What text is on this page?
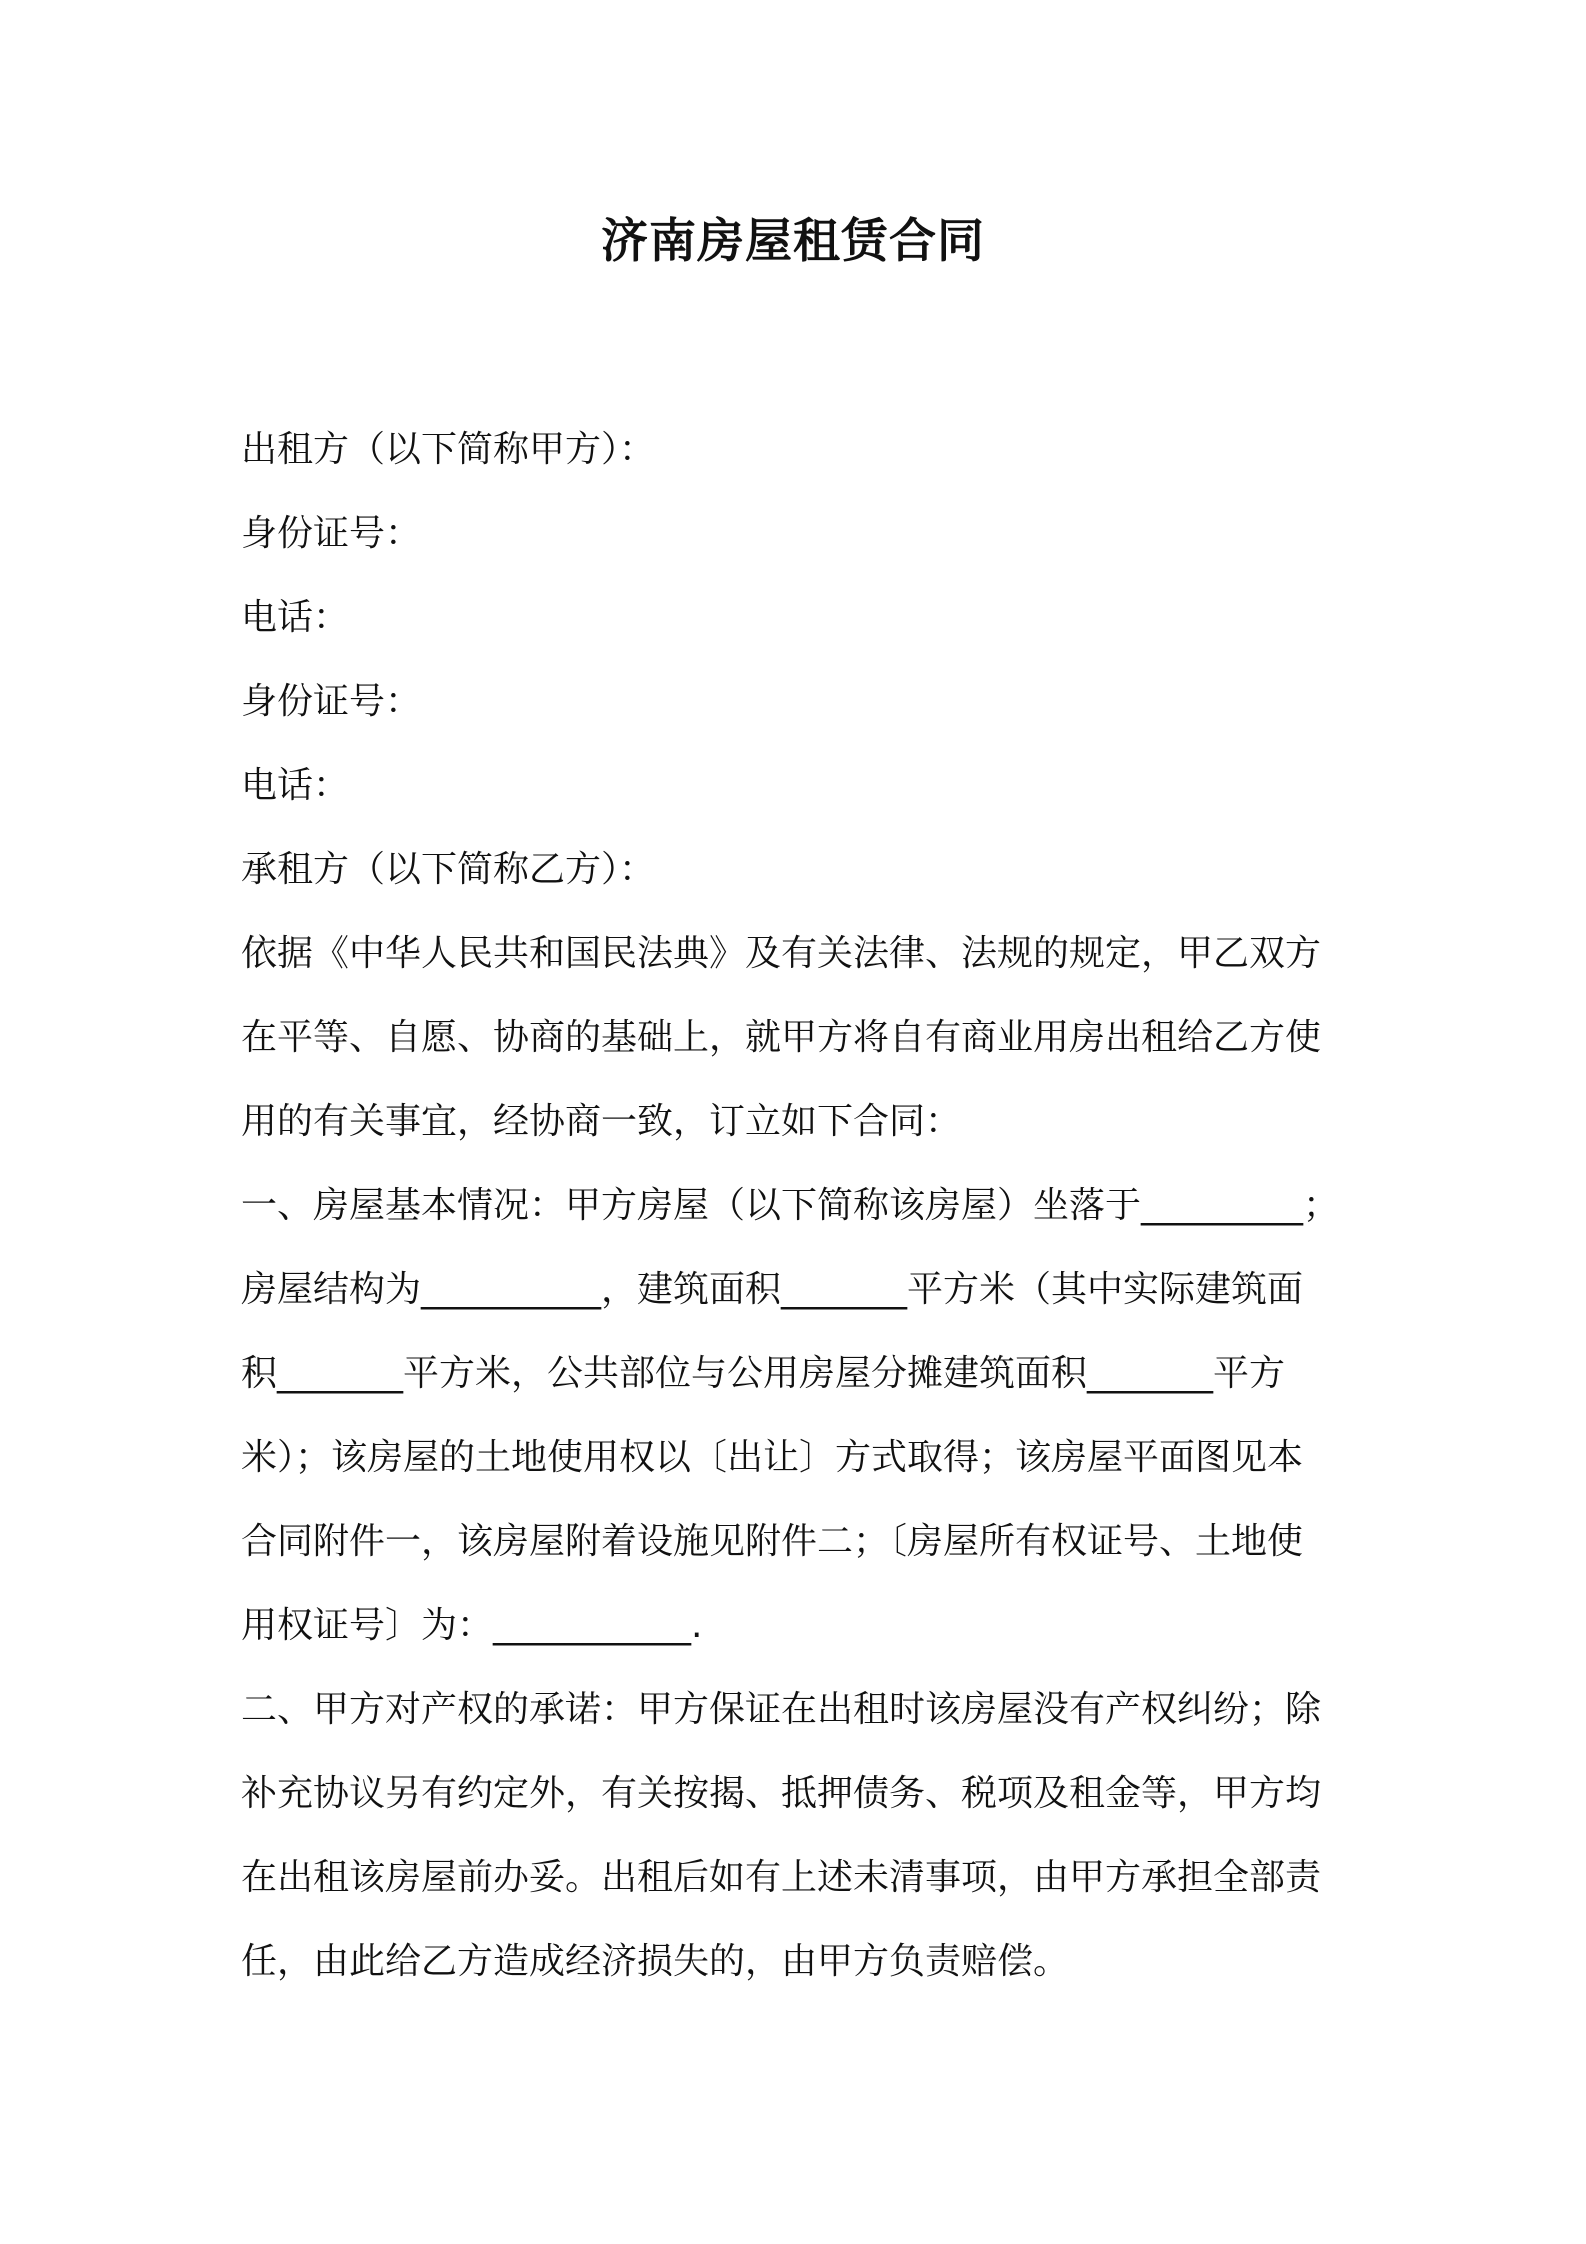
济南房屋租赁合同

出租方（以下简称甲方）：

身份证号：

电话：

身份证号：

电话：

承租方（以下简称乙方）：

依据《中华人民共和国民法典》及有关法律、法规的规定，甲乙双方

在平等、自愿、协商的基础上，就甲方将自有商业用房出租给乙方使

用的有关事宜，经协商一致，订立如下合同：

一、房屋基本情况：甲方房屋（以下简称该房屋）坐落于_________；

房屋结构为__________，建筑面积_______平方米（其中实际建筑面

积_______平方米，公共部位与公用房屋分摊建筑面积_______平方

米）；该房屋的土地使用权以〔出让〕方式取得；该房屋平面图见本

合同附件一，该房屋附着设施见附件二；〔房屋所有权证号、土地使

用权证号〕为：___________.

二、甲方对产权的承诺：甲方保证在出租时该房屋没有产权纠纷；除

补充协议另有约定外，有关按揭、抵押债务、税项及租金等，甲方均

在出租该房屋前办妥。出租后如有上述未清事项，由甲方承担全部责

任，由此给乙方造成经济损失的，由甲方负责赔偿。
